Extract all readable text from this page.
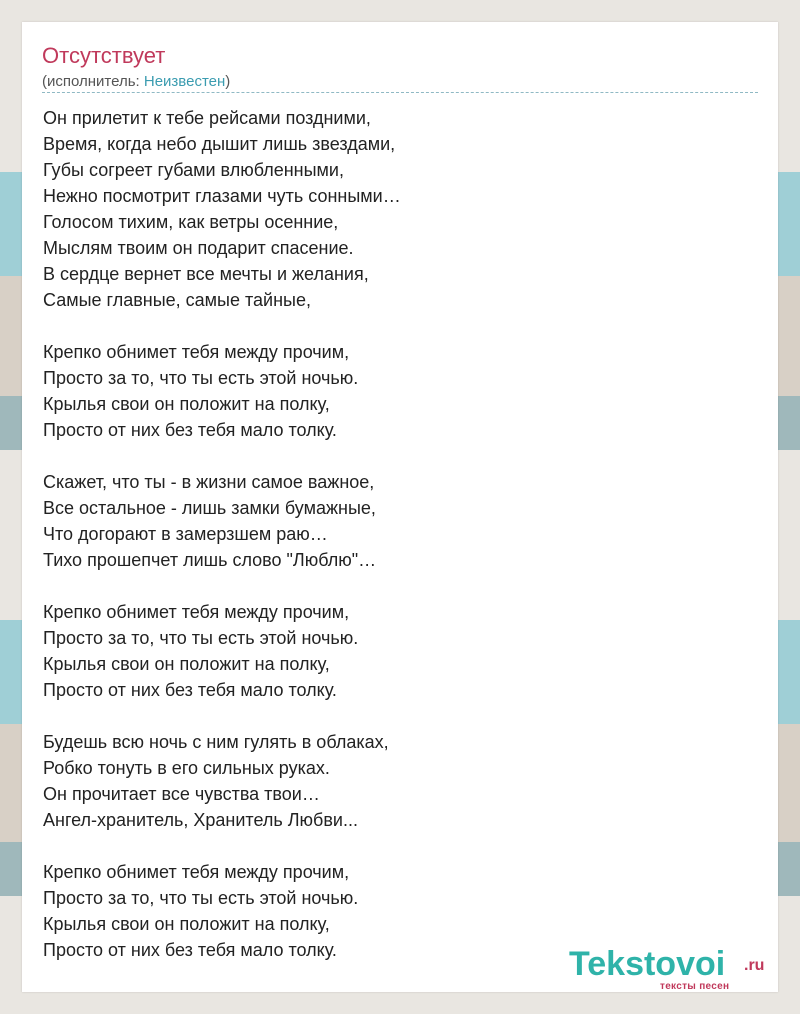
Отсутствует
(исполнитель: Неизвестен)
Он прилетит к тебе рейсами поздними,
Время, когда небо дышит лишь звездами,
Губы согреет губами влюбленными,
Нежно посмотрит глазами чуть сонными…
Голосом тихим, как ветры осенние,
Мыслям твоим он подарит спасение.
В сердце вернет все мечты и желания,
Самые главные, самые тайные,
Крепко обнимет тебя между прочим,
Просто за то, что ты есть этой ночью.
Крылья свои он положит на полку,
Просто от них без тебя мало толку.
Скажет, что ты - в жизни самое важное,
Все остальное - лишь замки бумажные,
Что догорают в замерзшем раю…
Тихо прошепчет лишь слово "Люблю"…
Крепко обнимет тебя между прочим,
Просто за то, что ты есть этой ночью.
Крылья свои он положит на полку,
Просто от них без тебя мало толку.
Будешь всю ночь с ним гулять в облаках,
Робко тонуть в его сильных руках.
Он прочитает все чувства твои…
Ангел-хранитель, Хранитель Любви...
Крепко обнимет тебя между прочим,
Просто за то, что ты есть этой ночью.
Крылья свои он положит на полку,
Просто от них без тебя мало толку.	Tekstovoi .ru
тексты песен
